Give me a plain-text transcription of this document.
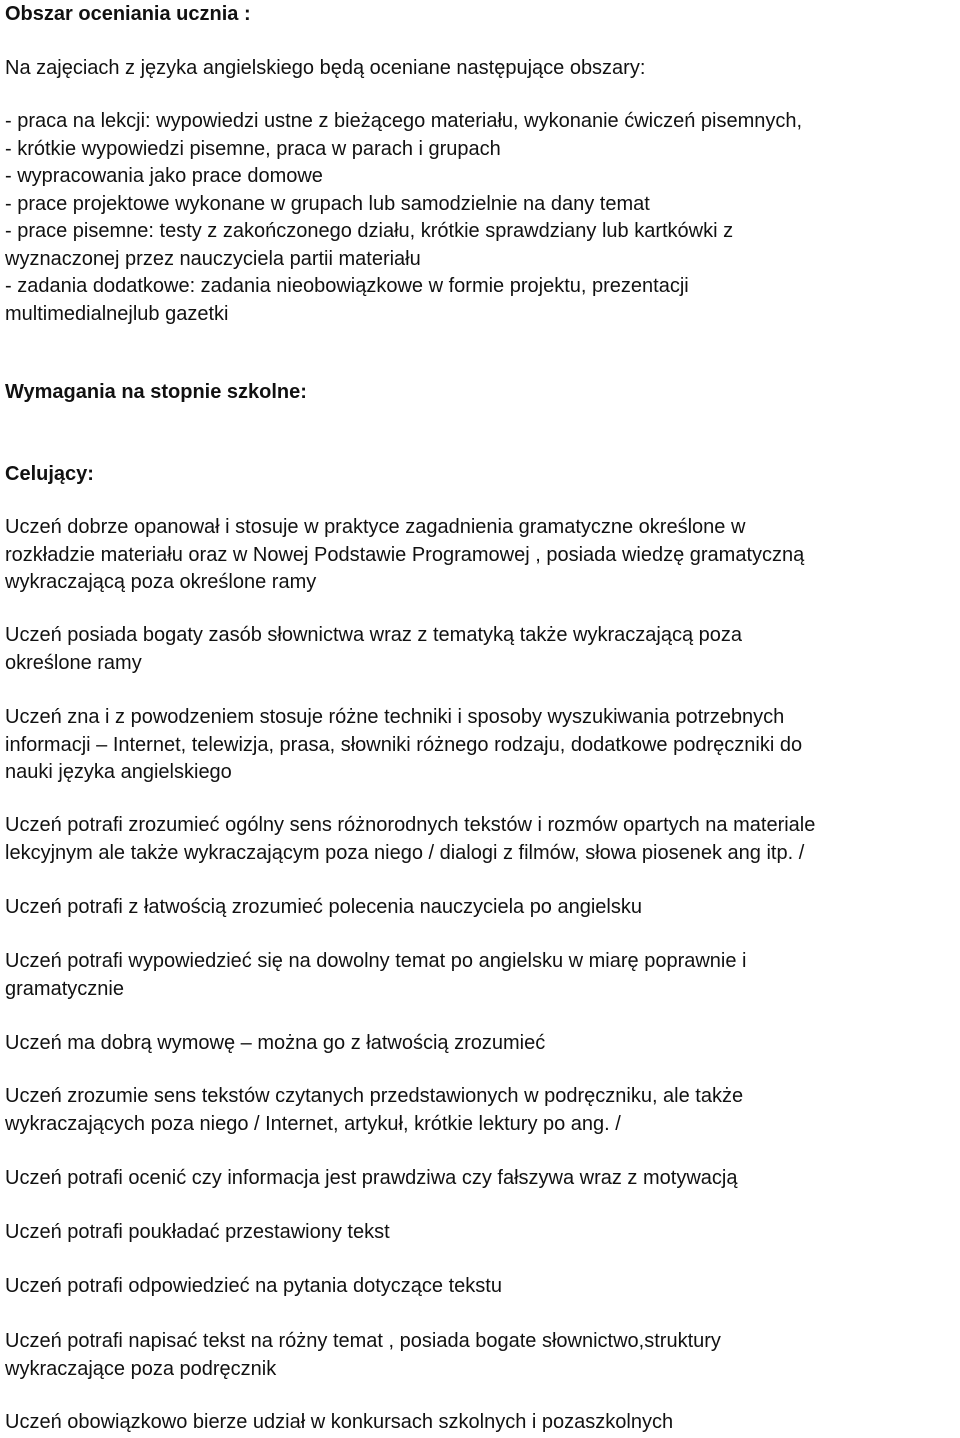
Obszar oceniania ucznia :
Na zajęciach z języka angielskiego będą oceniane następujące obszary:
- praca na lekcji: wypowiedzi ustne z bieżącego materiału, wykonanie ćwiczeń pisemnych,
- krótkie wypowiedzi pisemne, praca w parach i grupach
- wypracowania jako prace domowe
- prace projektowe wykonane w grupach lub samodzielnie na dany temat
- prace pisemne: testy z zakończonego działu, krótkie sprawdziany lub kartkówki z
wyznaczonej przez nauczyciela partii materiału
- zadania dodatkowe: zadania nieobowiązkowe w formie projektu, prezentacji
multimedialnejlub gazetki
Wymagania na stopnie szkolne:
Celujący:
Uczeń dobrze opanował i stosuje w praktyce zagadnienia gramatyczne określone w
rozkładzie materiału oraz w Nowej Podstawie Programowej , posiada wiedzę gramatyczną
wykraczającą poza określone ramy
Uczeń posiada bogaty zasób słownictwa wraz z tematyką także wykraczającą poza
określone ramy
Uczeń zna i z powodzeniem stosuje różne techniki i sposoby wyszukiwania potrzebnych
informacji – Internet, telewizja, prasa, słowniki różnego rodzaju, dodatkowe podręczniki do
nauki języka angielskiego
Uczeń potrafi zrozumieć ogólny sens różnorodnych tekstów i rozmów opartych na materiale
lekcyjnym ale także wykraczającym poza niego / dialogi z filmów, słowa piosenek ang itp. /
Uczeń potrafi z łatwością zrozumieć polecenia nauczyciela po angielsku
Uczeń potrafi wypowiedzieć się na dowolny temat po angielsku w miarę poprawnie i
gramatycznie
Uczeń ma dobrą wymowę – można go z łatwością zrozumieć
Uczeń zrozumie sens tekstów czytanych przedstawionych w podręczniku, ale także
wykraczających poza niego / Internet, artykuł, krótkie lektury po ang. /
Uczeń potrafi ocenić czy informacja jest prawdziwa czy fałszywa wraz z motywacją
Uczeń potrafi poukładać przestawiony tekst
Uczeń potrafi odpowiedzieć na pytania dotyczące tekstu
Uczeń potrafi napisać tekst na różny temat , posiada bogate słownictwo,struktury
wykraczające poza podręcznik
Uczeń obowiązkowo bierze udział w konkursach szkolnych i pozaszkolnych
